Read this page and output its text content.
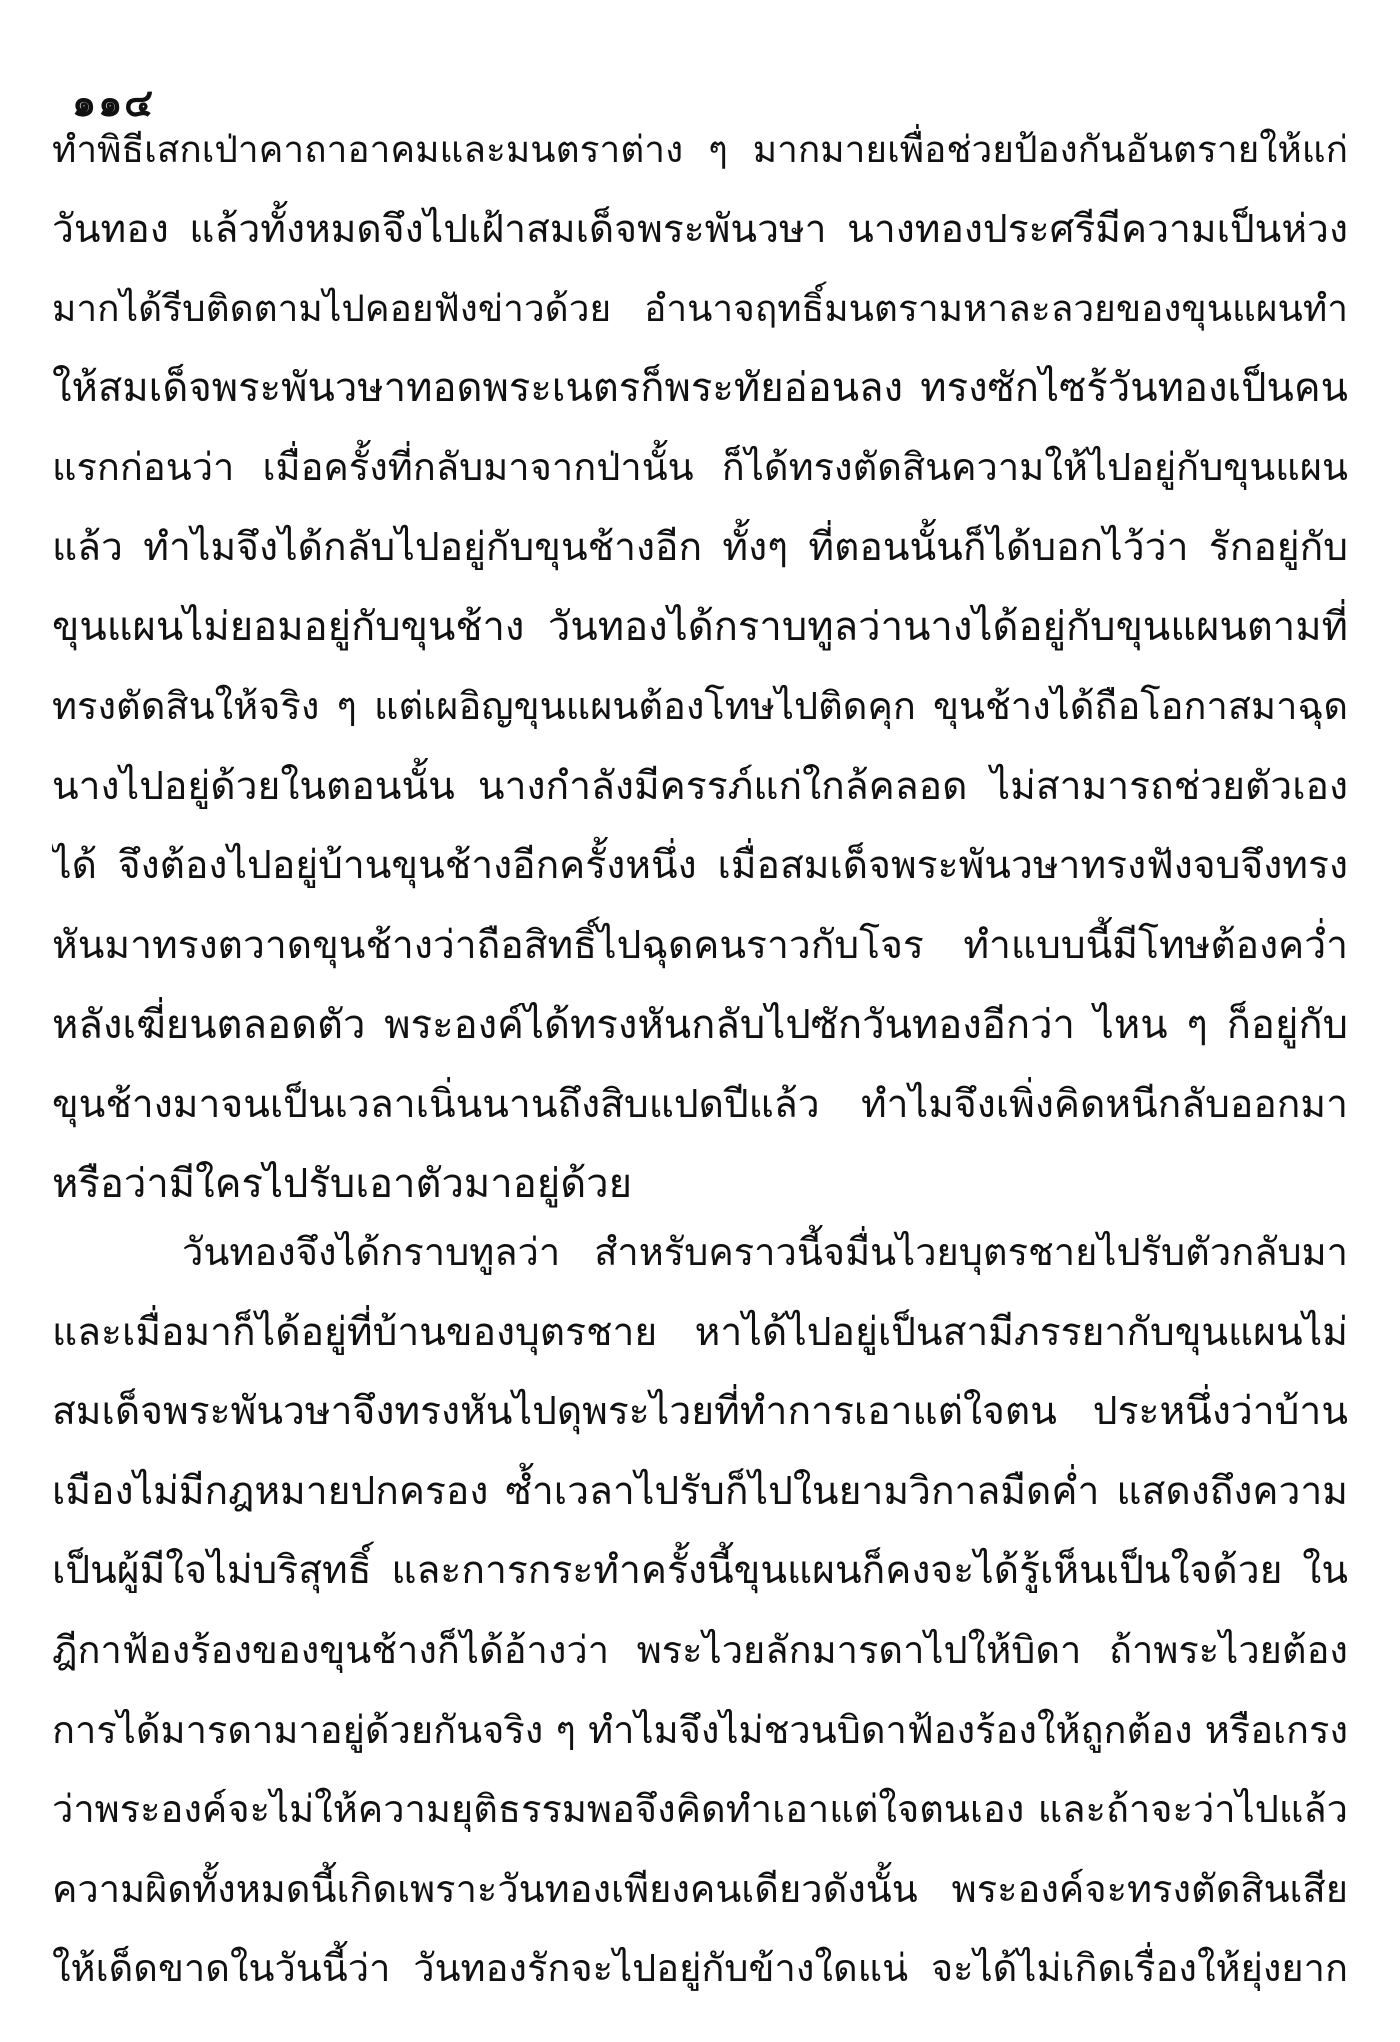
๑๑๔
ทำพิธีเสกเป่าคาถาอาคมและมนตราต่าง ๆ มากมายเพื่อช่วยป้องกันอันตรายให้แก่
วันทอง แล้วทั้งหมดจึงไปเฝ้าสมเด็จพระพันวษา นางทองประศรีมีความเป็นห่วง
มากได้รีบติดตามไปคอยฟังข่าวด้วย อำนาจฤทธิ์มนตรามหาละลวยของขุนแผนทำ
ให้สมเด็จพระพันวษาทอดพระเนตรก็พระทัยอ่อนลง ทรงซักไซร้วันทองเป็นคน
แรกก่อนว่า เมื่อครั้งที่กลับมาจากป่านั้น ก็ได้ทรงตัดสินความให้ไปอยู่กับขุนแผน
แล้ว ทำไมจึงได้กลับไปอยู่กับขุนช้างอีก ทั้งๆ ที่ตอนนั้นก็ได้บอกไว้ว่า รักอยู่กับ
ขุนแผนไม่ยอมอยู่กับขุนช้าง วันทองได้กราบทูลว่านางได้อยู่กับขุนแผนตามที่
ทรงตัดสินให้จริง ๆ แต่เผอิญขุนแผนต้องโทษไปติดคุก ขุนช้างได้ถือโอกาสมาฉุด
นางไปอยู่ด้วยในตอนนั้น นางกำลังมีครรภ์แก่ใกล้คลอด ไม่สามารถช่วยตัวเอง
ได้ จึงต้องไปอยู่บ้านขุนช้างอีกครั้งหนึ่ง เมื่อสมเด็จพระพันวษาทรงฟังจบจึงทรง
หันมาทรงตวาดขุนช้างว่าถือสิทธิ์ไปฉุดคนราวกับโจร ทำแบบนี้มีโทษต้องคว่ำ
หลังเฆี่ยนตลอดตัว พระองค์ได้ทรงหันกลับไปซักวันทองอีกว่า ไหน ๆ ก็อยู่กับ
ขุนช้างมาจนเป็นเวลาเนิ่นนานถึงสิบแปดปีแล้ว ทำไมจึงเพิ่งคิดหนีกลับออกมา
หรือว่ามีใครไปรับเอาตัวมาอยู่ด้วย
วันทองจึงได้กราบทูลว่า สำหรับคราวนี้จมื่นไวยบุตรชายไปรับตัวกลับมา
และเมื่อมาก็ได้อยู่ที่บ้านของบุตรชาย หาได้ไปอยู่เป็นสามีภรรยากับขุนแผนไม่
สมเด็จพระพันวษาจึงทรงหันไปดุพระไวยที่ทำการเอาแต่ใจตน ประหนึ่งว่าบ้าน
เมืองไม่มีกฎหมายปกครอง ซ้ำเวลาไปรับก็ไปในยามวิกาลมืดค่ำ แสดงถึงความ
เป็นผู้มีใจไม่บริสุทธิ์ และการกระทำครั้งนี้ขุนแผนก็คงจะได้รู้เห็นเป็นใจด้วย ใน
ฎีกาฟ้องร้องของขุนช้างก็ได้อ้างว่า พระไวยลักมารดาไปให้บิดา ถ้าพระไวยต้อง
การได้มารดามาอยู่ด้วยกันจริง ๆ ทำไมจึงไม่ชวนบิดาฟ้องร้องให้ถูกต้อง หรือเกรง
ว่าพระองค์จะไม่ให้ความยุติธรรมพอจึงคิดทำเอาแต่ใจตนเอง และถ้าจะว่าไปแล้ว
ความผิดทั้งหมดนี้เกิดเพราะวันทองเพียงคนเดียวดังนั้น พระองค์จะทรงตัดสินเสีย
ให้เด็ดขาดในวันนี้ว่า วันทองรักจะไปอยู่กับข้างใดแน่ จะได้ไม่เกิดเรื่องให้ยุ่งยาก
